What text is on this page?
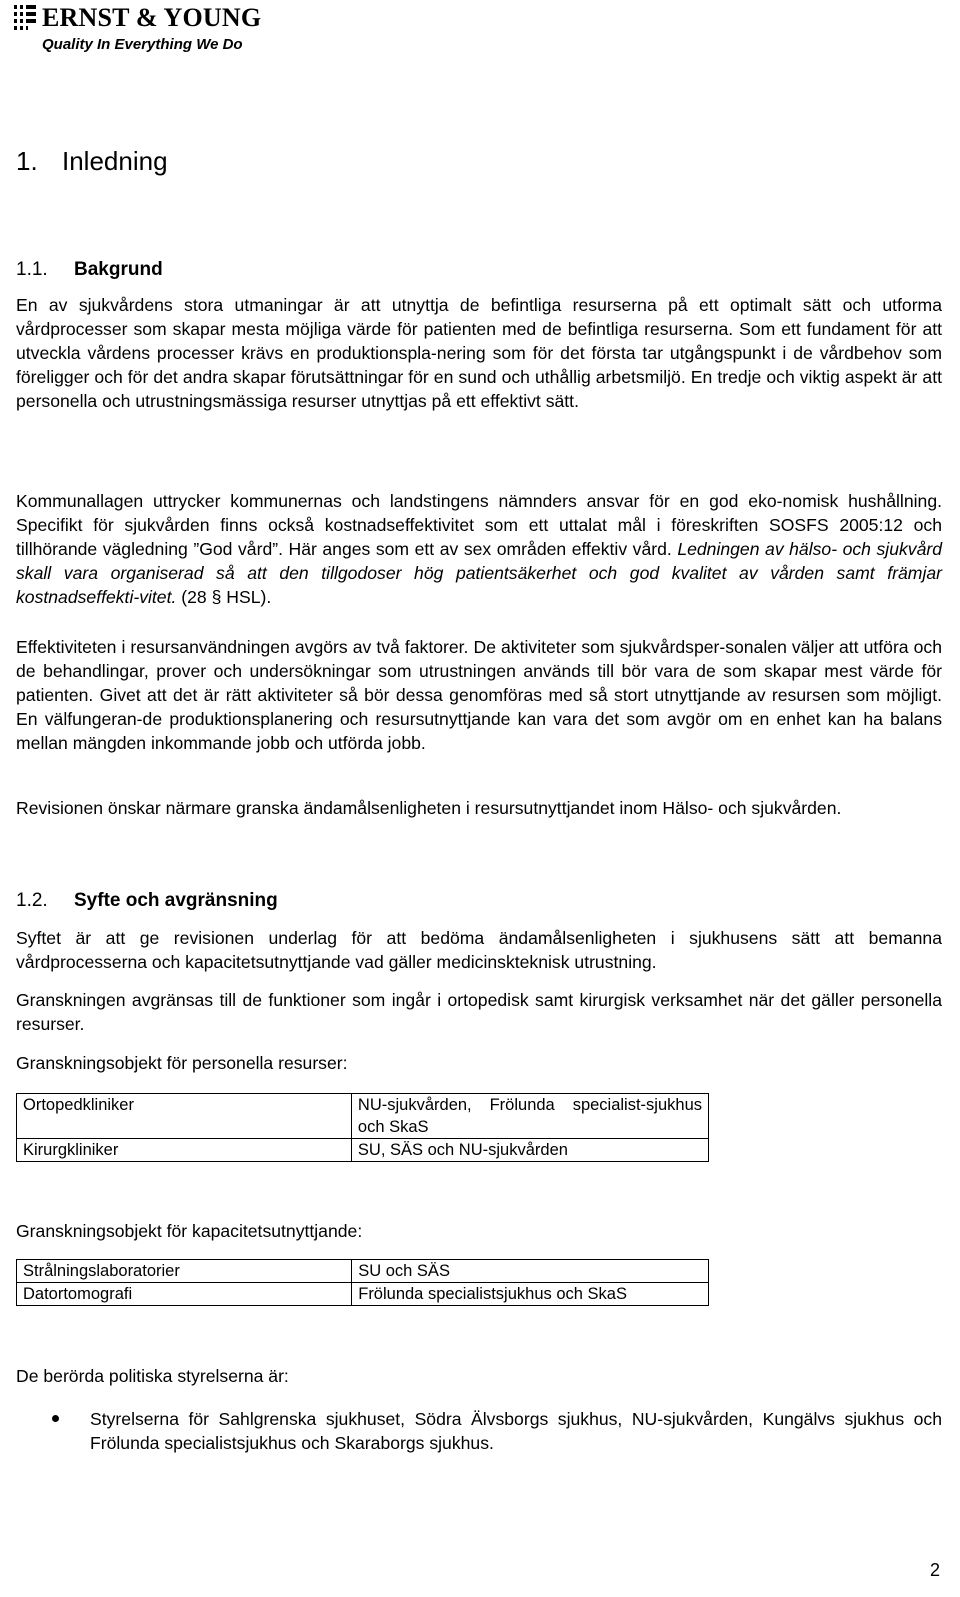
ERNST & YOUNG
Quality In Everything We Do
1. Inledning
1.1. Bakgrund

En av sjukvårdens stora utmaningar är att utnyttja de befintliga resurserna på ett optimalt sätt och utforma vårdprocesser som skapar mesta möjliga värde för patienten med de befintliga resurserna. Som ett fundament för att utveckla vårdens processer krävs en produktionspla-nering som för det första tar utgångspunkt i de vårdbehov som föreligger och för det andra skapar förutsättningar för en sund och uthållig arbetsmiljö. En tredje och viktig aspekt är att personella och utrustningsmässiga resurser utnyttjas på ett effektivt sätt.

Kommunallagen uttrycker kommunernas och landstingens nämnders ansvar för en god eko-nomisk hushållning. Specifikt för sjukvården finns också kostnadseffektivitet som ett uttalat mål i föreskriften SOSFS 2005:12 och tillhörande vägledning ”God vård”. Här anges som ett av sex områden effektiv vård. Ledningen av hälso- och sjukvård skall vara organiserad så att den tillgodoser hög patientsäkerhet och god kvalitet av vården samt främjar kostnadseffekti-vitet. (28 § HSL).

Effektiviteten i resursanvändningen avgörs av två faktorer. De aktiviteter som sjukvårdsper-sonalen väljer att utföra och de behandlingar, prover och undersökningar som utrustningen används till bör vara de som skapar mest värde för patienten. Givet att det är rätt aktiviteter så bör dessa genomföras med så stort utnyttjande av resursen som möjligt. En välfungeran-de produktionsplanering och resursutnyttjande kan vara det som avgör om en enhet kan ha balans mellan mängden inkommande jobb och utförda jobb.

Revisionen önskar närmare granska ändamålsenligheten i resursutnyttjandet inom Hälso- och sjukvården.

1.2. Syfte och avgränsning

Syftet är att ge revisionen underlag för att bedöma ändamålsenligheten i sjukhusens sätt att bemanna vårdprocesserna och kapacitetsutnyttjande vad gäller medicinskteknisk utrustning.

Granskningen avgränsas till de funktioner som ingår i ortopedisk samt kirurgisk verksamhet när det gäller personella resurser.

Granskningsobjekt för personella resurser:

Ortopedkliniker		NU-sjukvården, Frölunda specialist-sjukhus och SkaS
Kirurgkliniker		SU, SÄS och NU-sjukvården

Granskningsobjekt för kapacitetsutnyttjande:

Strålningslaboratorier		SU och SÄS
Datortomografi		Frölunda specialistsjukhus och SkaS

De berörda politiska styrelserna är:

Styrelserna för Sahlgrenska sjukhuset, Södra Älvsborgs sjukhus, NU-sjukvården, Kungälvs sjukhus och Frölunda specialistsjukhus och Skaraborgs sjukhus.
2
